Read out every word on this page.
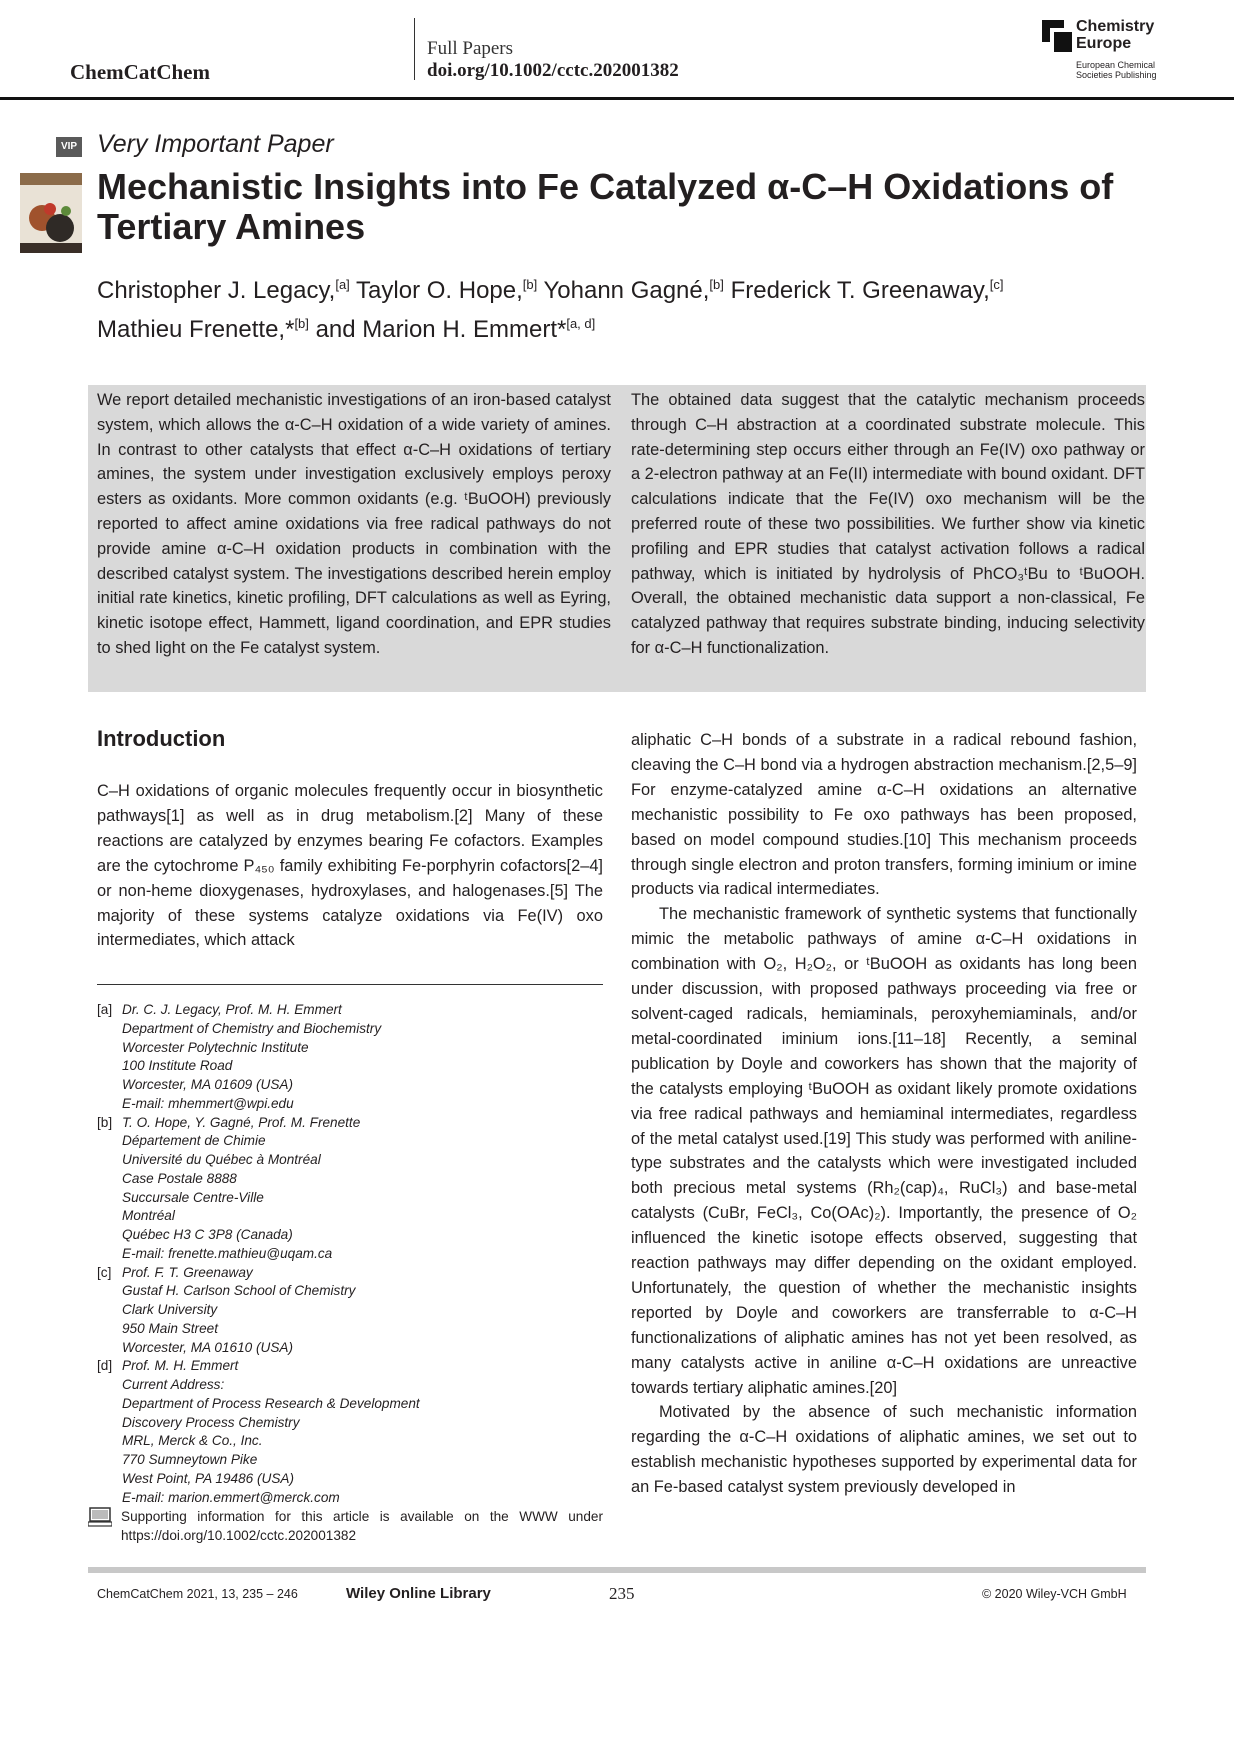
ChemCatChem
Full Papers
doi.org/10.1002/cctc.202001382
Chemistry Europe
European Chemical Societies Publishing
VIP Very Important Paper
Mechanistic Insights into Fe Catalyzed α-C–H Oxidations of Tertiary Amines
Christopher J. Legacy,[a] Taylor O. Hope,[b] Yohann Gagné,[b] Frederick T. Greenaway,[c]
Mathieu Frenette,*[b] and Marion H. Emmert*[a, d]
We report detailed mechanistic investigations of an iron-based catalyst system, which allows the α-C–H oxidation of a wide variety of amines. In contrast to other catalysts that effect α-C–H oxidations of tertiary amines, the system under investigation exclusively employs peroxy esters as oxidants. More common oxidants (e.g. ᵗBuOOH) previously reported to affect amine oxidations via free radical pathways do not provide amine α-C–H oxidation products in combination with the described catalyst system. The investigations described herein employ initial rate kinetics, kinetic profiling, DFT calculations as well as Eyring, kinetic isotope effect, Hammett, ligand coordination, and EPR studies to shed light on the Fe catalyst system.
The obtained data suggest that the catalytic mechanism proceeds through C–H abstraction at a coordinated substrate molecule. This rate-determining step occurs either through an Fe(IV) oxo pathway or a 2-electron pathway at an Fe(II) intermediate with bound oxidant. DFT calculations indicate that the Fe(IV) oxo mechanism will be the preferred route of these two possibilities. We further show via kinetic profiling and EPR studies that catalyst activation follows a radical pathway, which is initiated by hydrolysis of PhCO₃ᵗBu to ᵗBuOOH. Overall, the obtained mechanistic data support a non-classical, Fe catalyzed pathway that requires substrate binding, inducing selectivity for α-C–H functionalization.
Introduction

C–H oxidations of organic molecules frequently occur in biosynthetic pathways[1] as well as in drug metabolism.[2] Many of these reactions are catalyzed by enzymes bearing Fe cofactors. Examples are the cytochrome P₄₅₀ family exhibiting Fe-porphyrin cofactors[2–4] or non-heme dioxygenases, hydroxylases, and halogenases.[5] The majority of these systems catalyze oxidations via Fe(IV) oxo intermediates, which attack

aliphatic C–H bonds of a substrate in a radical rebound fashion, cleaving the C–H bond via a hydrogen abstraction mechanism.[2,5–9] For enzyme-catalyzed amine α-C–H oxidations an alternative mechanistic possibility to Fe oxo pathways has been proposed, based on model compound studies.[10] This mechanism proceeds through single electron and proton transfers, forming iminium or imine products via radical intermediates.

The mechanistic framework of synthetic systems that functionally mimic the metabolic pathways of amine α-C–H oxidations in combination with O₂, H₂O₂, or ᵗBuOOH as oxidants has long been under discussion, with proposed pathways proceeding via free or solvent-caged radicals, hemiaminals, peroxyhemiaminals, and/or metal-coordinated iminium ions.[11–18] Recently, a seminal publication by Doyle and coworkers has shown that the majority of the catalysts employing ᵗBuOOH as oxidant likely promote oxidations via free radical pathways and hemiaminal intermediates, regardless of the metal catalyst used.[19] This study was performed with aniline-type substrates and the catalysts which were investigated included both precious metal systems (Rh₂(cap)₄, RuCl₃) and base-metal catalysts (CuBr, FeCl₃, Co(OAc)₂). Importantly, the presence of O₂ influenced the kinetic isotope effects observed, suggesting that reaction pathways may differ depending on the oxidant employed. Unfortunately, the question of whether the mechanistic insights reported by Doyle and coworkers are transferrable to α-C–H functionalizations of aliphatic amines has not yet been resolved, as many catalysts active in aniline α-C–H oxidations are unreactive towards tertiary aliphatic amines.[20]

Motivated by the absence of such mechanistic information regarding the α-C–H oxidations of aliphatic amines, we set out to establish mechanistic hypotheses supported by experimental data for an Fe-based catalyst system previously developed in

[a] Dr. C. J. Legacy, Prof. M. H. Emmert
Department of Chemistry and Biochemistry
Worcester Polytechnic Institute
100 Institute Road
Worcester, MA 01609 (USA)
E-mail: mhemmert@wpi.edu
[b] T. O. Hope, Y. Gagné, Prof. M. Frenette
Département de Chimie
Université du Québec à Montréal
Case Postale 8888
Succursale Centre-Ville
Montréal
Québec H3 C 3P8 (Canada)
E-mail: frenette.mathieu@uqam.ca
[c] Prof. F. T. Greenaway
Gustaf H. Carlson School of Chemistry
Clark University
950 Main Street
Worcester, MA 01610 (USA)
[d] Prof. M. H. Emmert
Current Address:
Department of Process Research & Development
Discovery Process Chemistry
MRL, Merck & Co., Inc.
770 Sumneytown Pike
West Point, PA 19486 (USA)
E-mail: marion.emmert@merck.com
Supporting information for this article is available on the WWW under https://doi.org/10.1002/cctc.202001382
ChemCatChem 2021, 13, 235 – 246	Wiley Online Library	235	© 2020 Wiley-VCH GmbH
